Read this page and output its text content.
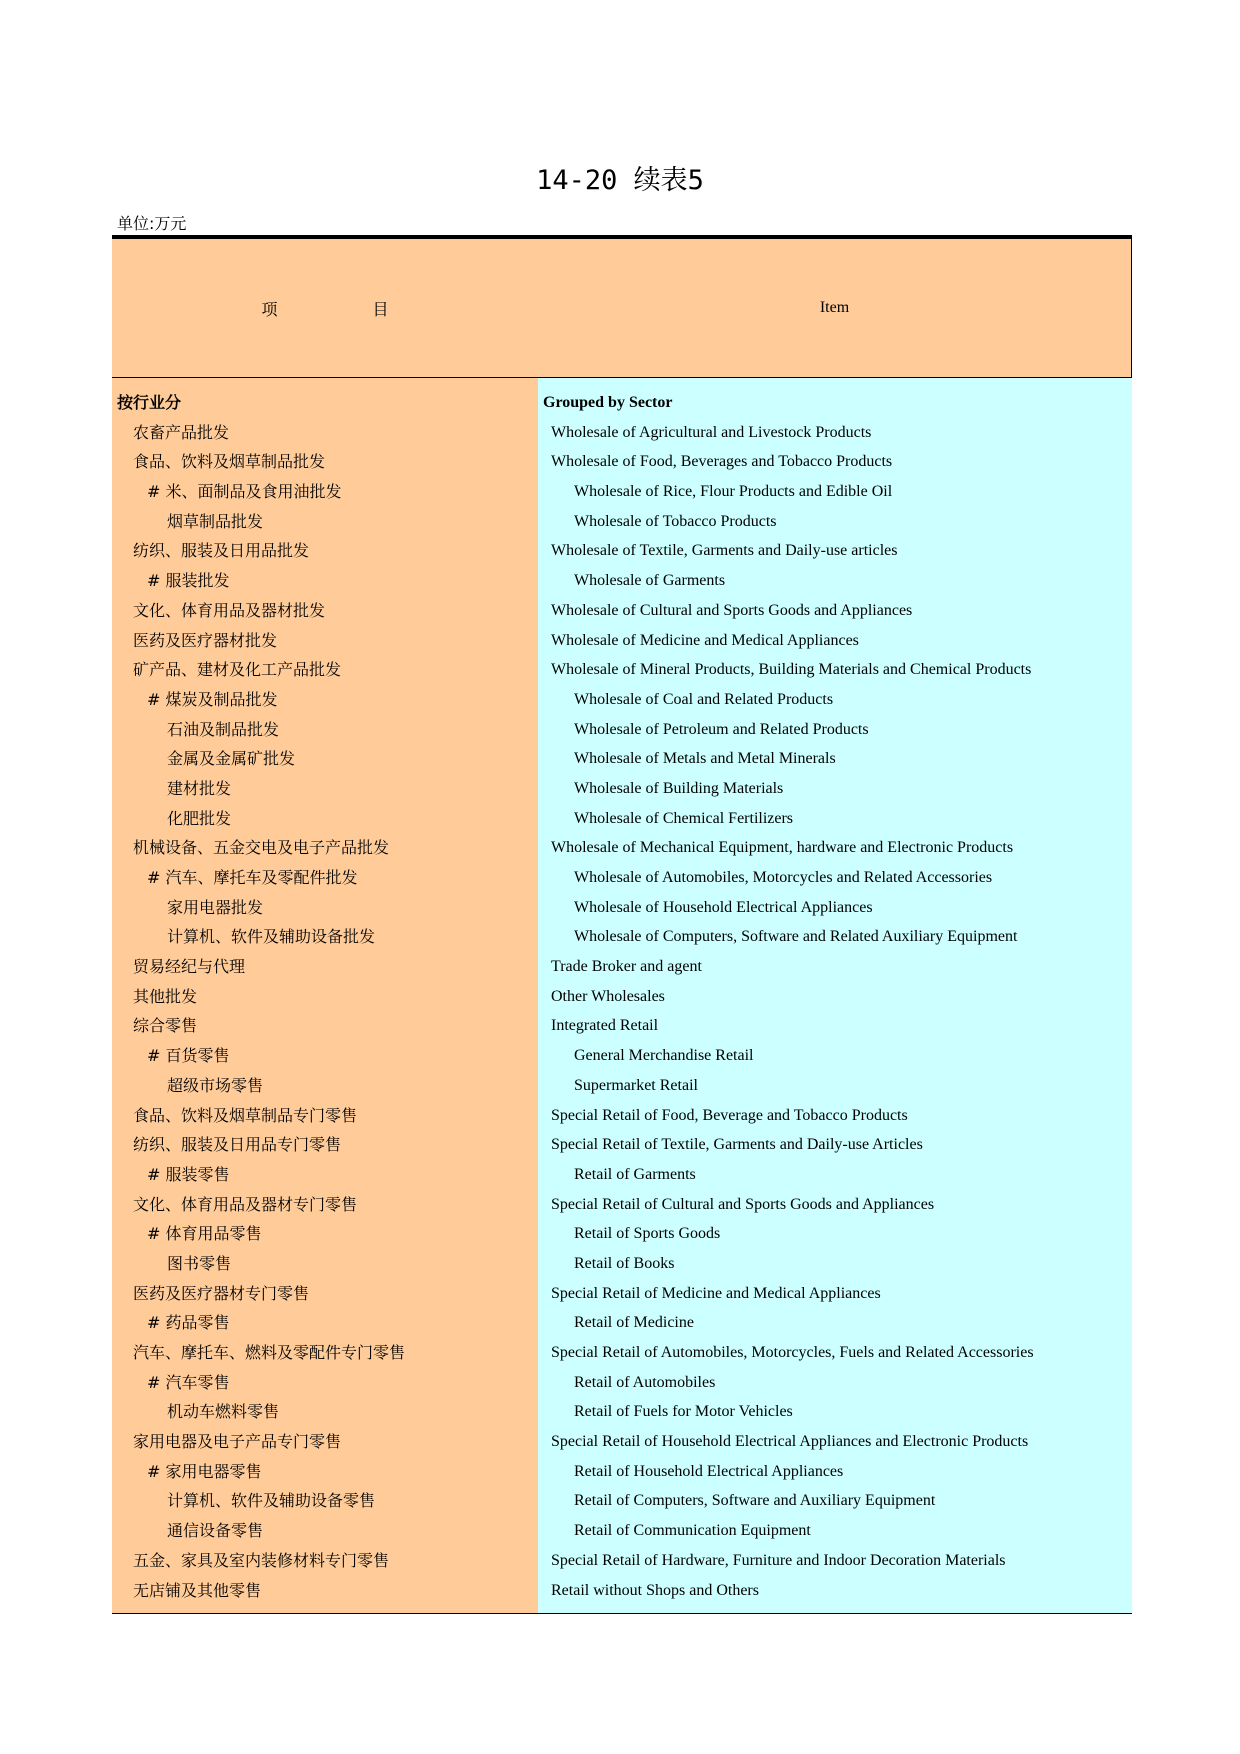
14-20 续表5
单位:万元
项	目	Item
按行业分
农畜产品批发
食品、饮料及烟草制品批发
# 米、面制品及食用油批发
烟草制品批发
纺织、服装及日用品批发
# 服装批发
文化、体育用品及器材批发
医药及医疗器材批发
矿产品、建材及化工产品批发
# 煤炭及制品批发
石油及制品批发
金属及金属矿批发
建材批发
化肥批发
机械设备、五金交电及电子产品批发
# 汽车、摩托车及零配件批发
家用电器批发
计算机、软件及辅助设备批发
贸易经纪与代理
其他批发
综合零售
# 百货零售
超级市场零售
食品、饮料及烟草制品专门零售
纺织、服装及日用品专门零售
# 服装零售
文化、体育用品及器材专门零售
# 体育用品零售
图书零售
医药及医疗器材专门零售
# 药品零售
汽车、摩托车、燃料及零配件专门零售
# 汽车零售
机动车燃料零售
家用电器及电子产品专门零售
# 家用电器零售
计算机、软件及辅助设备零售
通信设备零售
五金、家具及室内装修材料专门零售
无店铺及其他零售
Grouped by Sector
Wholesale of Agricultural and Livestock Products
Wholesale of Food, Beverages and Tobacco Products
Wholesale of Rice, Flour Products and Edible Oil
Wholesale of Tobacco Products
Wholesale of Textile, Garments and Daily-use articles
Wholesale of Garments
Wholesale of Cultural and Sports Goods and Appliances
Wholesale of Medicine and Medical Appliances
Wholesale of Mineral Products, Building Materials and Chemical Products
Wholesale of Coal and Related Products
Wholesale of Petroleum and Related Products
Wholesale of Metals and Metal Minerals
Wholesale of Building Materials
Wholesale of Chemical Fertilizers
Wholesale of Mechanical Equipment, hardware and Electronic Products
Wholesale of Automobiles, Motorcycles and Related Accessories
Wholesale of Household Electrical Appliances
Wholesale of Computers, Software and Related Auxiliary Equipment
Trade Broker and agent
Other Wholesales
Integrated Retail
General Merchandise Retail
Supermarket Retail
Special Retail of Food, Beverage and Tobacco Products
Special Retail of Textile, Garments and Daily-use Articles
Retail of Garments
Special Retail of Cultural and Sports Goods and Appliances
Retail of Sports Goods
Retail of Books
Special Retail of Medicine and Medical Appliances
Retail of Medicine
Special Retail of Automobiles, Motorcycles, Fuels and Related Accessories
Retail of Automobiles
Retail of Fuels for Motor Vehicles
Special Retail of Household Electrical Appliances and Electronic Products
Retail of Household Electrical Appliances
Retail of Computers, Software and Auxiliary Equipment
Retail of Communication Equipment
Special Retail of Hardware, Furniture and Indoor Decoration Materials
Retail without Shops and Others
